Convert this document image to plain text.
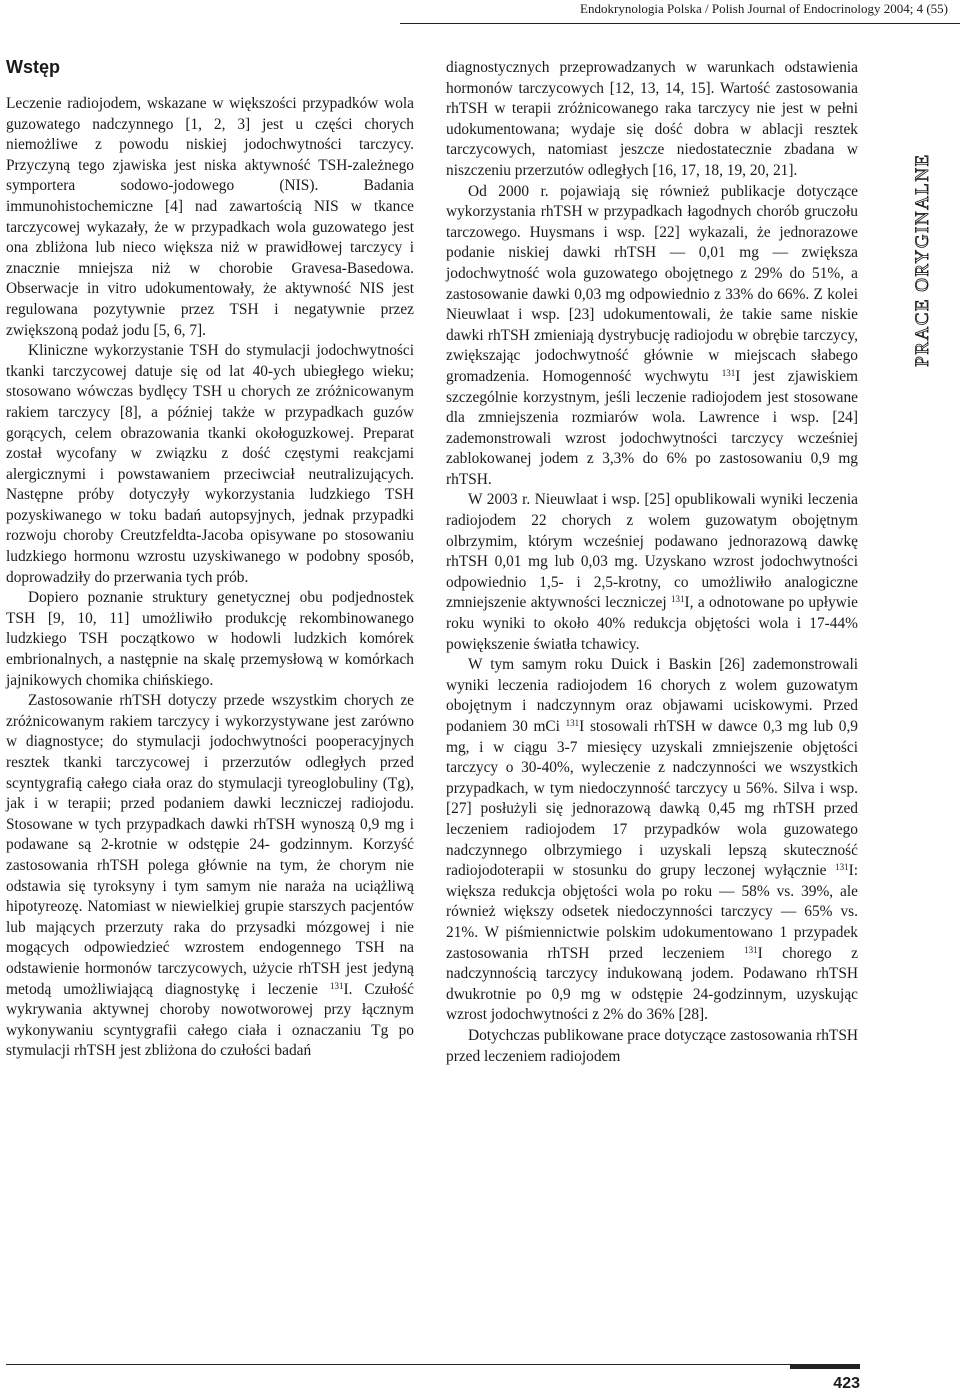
Endokrynologia Polska / Polish Journal of Endocrinology 2004; 4 (55)
PRACE ORYGINALNE
Wstęp

Leczenie radiojodem, wskazane w większości przypadków wola guzowatego nadczynnego [1, 2, 3] jest u części chorych niemożliwe z powodu niskiej jodochwytności tarczycy. Przyczyną tego zjawiska jest niska aktywność TSH-zależnego symportera sodowo-jodowego (NIS). Badania immunohistochemiczne [4] nad zawartością NIS w tkance tarczycowej wykazały, że w przypadkach wola guzowatego jest ona zbliżona lub nieco większa niż w prawidłowej tarczycy i znacznie mniejsza niż w chorobie Gravesa-Basedowa. Obserwacje in vitro udokumentowały, że aktywność NIS jest regulowana pozytywnie przez TSH i negatywnie przez zwiększoną podaż jodu [5, 6, 7].

Kliniczne wykorzystanie TSH do stymulacji jodochwytności tkanki tarczycowej datuje się od lat 40-ych ubiegłego wieku; stosowano wówczas bydlęcy TSH u chorych ze zróżnicowanym rakiem tarczycy [8], a później także w przypadkach guzów gorących, celem obrazowania tkanki okołoguzkowej. Preparat został wycofany w związku z dość częstymi reakcjami alergicznymi i powstawaniem przeciwciał neutralizujących. Następne próby dotyczyły wykorzystania ludzkiego TSH pozyskiwanego w toku badań autopsyjnych, jednak przypadki rozwoju choroby Creutzfeldta-Jacoba opisywane po stosowaniu ludzkiego hormonu wzrostu uzyskiwanego w podobny sposób, doprowadziły do przerwania tych prób.

Dopiero poznanie struktury genetycznej obu podjednostek TSH [9, 10, 11] umożliwiło produkcję rekombinowanego ludzkiego TSH początkowo w hodowli ludzkich komórek embrionalnych, a następnie na skalę przemysłową w komórkach jajnikowych chomika chińskiego.

Zastosowanie rhTSH dotyczy przede wszystkim chorych ze zróżnicowanym rakiem tarczycy i wykorzystywane jest zarówno w diagnostyce; do stymulacji jodochwytności pooperacyjnych resztek tkanki tarczycowej i przerzutów odległych przed scyntygrafią całego ciała oraz do stymulacji tyreoglobuliny (Tg), jak i w terapii; przed podaniem dawki leczniczej radiojodu. Stosowane w tych przypadkach dawki rhTSH wynoszą 0,9 mg i podawane są 2-krotnie w odstępie 24- godzinnym. Korzyść zastosowania rhTSH polega głównie na tym, że chorym nie odstawia się tyroksyny i tym samym nie naraża na uciążliwą hipotyreozę. Natomiast w niewielkiej grupie starszych pacjentów lub mających przerzuty raka do przysadki mózgowej i nie mogących odpowiedzieć wzrostem endogennego TSH na odstawienie hormonów tarczycowych, użycie rhTSH jest jedyną metodą umożliwiającą diagnostykę i leczenie $^{131}$I. Czułość wykrywania aktywnej choroby nowotworowej przy łącznym wykonywaniu scyntygrafii całego ciała i oznaczaniu Tg po stymulacji rhTSH jest zbliżona do czułości badań

diagnostycznych przeprowadzanych w warunkach odstawienia hormonów tarczycowych [12, 13, 14, 15]. Wartość zastosowania rhTSH w terapii zróżnicowanego raka tarczycy nie jest w pełni udokumentowana; wydaje się dość dobra w ablacji resztek tarczycowych, natomiast jeszcze niedostatecznie zbadana w niszczeniu przerzutów odległych [16, 17, 18, 19, 20, 21].

Od 2000 r. pojawiają się również publikacje dotyczące wykorzystania rhTSH w przypadkach łagodnych chorób gruczołu tarczowego. Huysmans i wsp. [22] wykazali, że jednorazowe podanie niskiej dawki rhTSH — 0,01 mg — zwiększa jodochwytność wola guzowatego obojętnego z 29% do 51%, a zastosowanie dawki 0,03 mg odpowiednio z 33% do 66%. Z kolei Nieuwlaat i wsp. [23] udokumentowali, że takie same niskie dawki rhTSH zmieniają dystrybucję radiojodu w obrębie tarczycy, zwiększając jodochwytność głównie w miejscach słabego gromadzenia. Homogenność wychwytu $^{131}$I jest zjawiskiem szczególnie korzystnym, jeśli leczenie radiojodem jest stosowane dla zmniejszenia rozmiarów wola. Lawrence i wsp. [24] zademonstrowali wzrost jodochwytności tarczycy wcześniej zablokowanej jodem z 3,3% do 6% po zastosowaniu 0,9 mg rhTSH.

W 2003 r. Nieuwlaat i wsp. [25] opublikowali wyniki leczenia radiojodem 22 chorych z wolem guzowatym obojętnym olbrzymim, którym wcześniej podawano jednorazową dawkę rhTSH 0,01 mg lub 0,03 mg. Uzyskano wzrost jodochwytności odpowiednio 1,5- i 2,5-krotny, co umożliwiło analogiczne zmniejszenie aktywności leczniczej $^{131}$I, a odnotowane po upływie roku wyniki to około 40% redukcja objętości wola i 17-44% powiększenie światła tchawicy.

W tym samym roku Duick i Baskin [26] zademonstrowali wyniki leczenia radiojodem 16 chorych z wolem guzowatym obojętnym i nadczynnym oraz objawami uciskowymi. Przed podaniem 30 mCi $^{131}$I stosowali rhTSH w dawce 0,3 mg lub 0,9 mg, i w ciągu 3-7 miesięcy uzyskali zmniejszenie objętości tarczycy o 30-40%, wyleczenie z nadczynności we wszystkich przypadkach, w tym niedoczynność tarczycy u 56%. Silva i wsp. [27] posłużyli się jednorazową dawką 0,45 mg rhTSH przed leczeniem radiojodem 17 przypadków wola guzowatego nadczynnego olbrzymiego i uzyskali lepszą skuteczność radiojodoterapii w stosunku do grupy leczonej wyłącznie $^{131}$I: większa redukcja objętości wola po roku — 58% vs. 39%, ale również większy odsetek niedoczynności tarczycy — 65% vs. 21%. W piśmiennictwie polskim udokumentowano 1 przypadek zastosowania rhTSH przed leczeniem $^{131}$I chorego z nadczynnością tarczycy indukowaną jodem. Podawano rhTSH dwukrotnie po 0,9 mg w odstępie 24-godzinnym, uzyskując wzrost jodochwytności z 2% do 36% [28].

Dotychczas publikowane prace dotyczące zastosowania rhTSH przed leczeniem radiojodem

423
